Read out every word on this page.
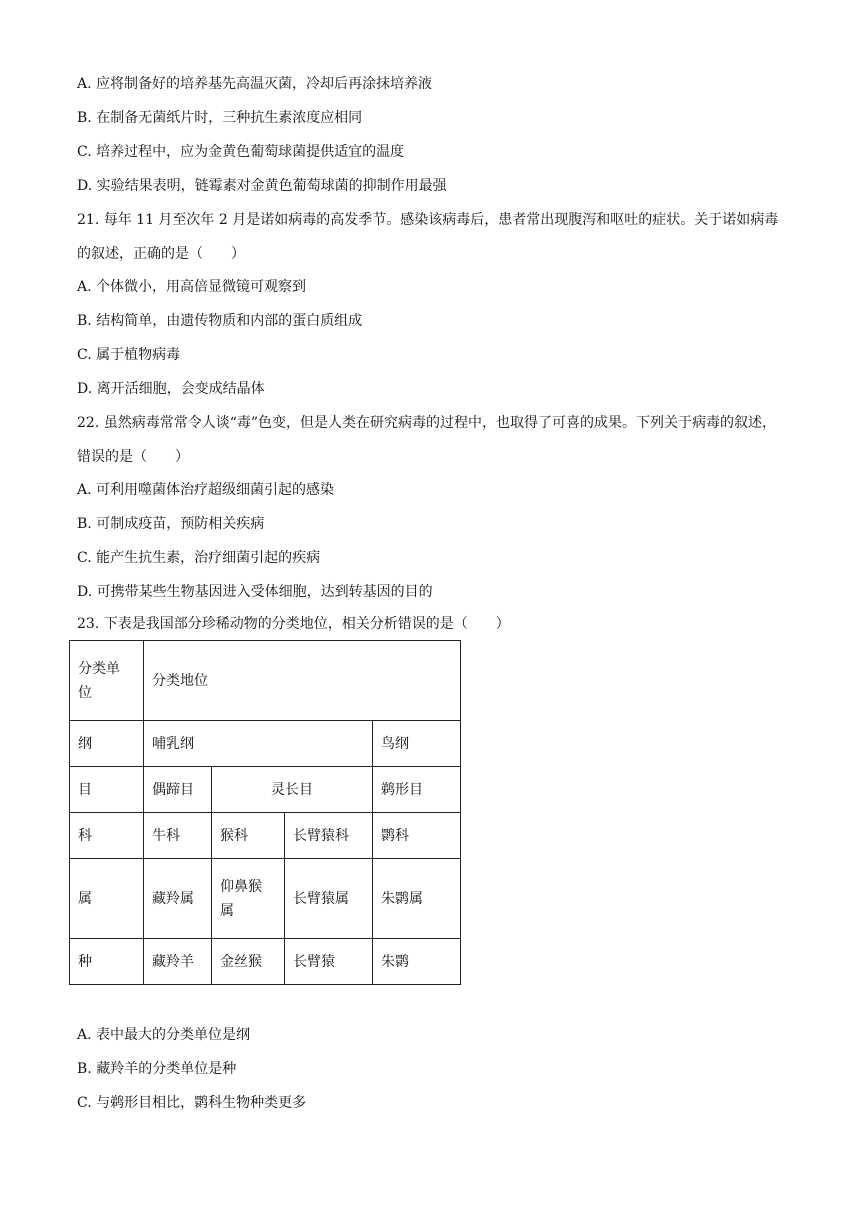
A. 应将制备好的培养基先高温灭菌，冷却后再涂抹培养液
B. 在制备无菌纸片时，三种抗生素浓度应相同
C. 培养过程中，应为金黄色葡萄球菌提供适宜的温度
D. 实验结果表明，链霉素对金黄色葡萄球菌的抑制作用最强
21. 每年 11 月至次年 2 月是诺如病毒的高发季节。感染该病毒后，患者常出现腹泻和呕吐的症状。关于诺如病毒的叙述，正确的是（　　）
A. 个体微小，用高倍显微镜可观察到
B. 结构简单，由遗传物质和内部的蛋白质组成
C. 属于植物病毒
D. 离开活细胞，会变成结晶体
22. 虽然病毒常常令人谈“毒”色变，但是人类在研究病毒的过程中，也取得了可喜的成果。下列关于病毒的叙述，错误的是（　　）
A. 可利用噬菌体治疗超级细菌引起的感染
B. 可制成疫苗，预防相关疾病
C. 能产生抗生素，治疗细菌引起的疾病
D. 可携带某些生物基因进入受体细胞，达到转基因的目的
23. 下表是我国部分珍稀动物的分类地位，相关分析错误的是（　　）
分类单位	分类地位			
纲	哺乳纲			鸟纲
目	偶蹄目	灵长目		鹈形目
科	牛科	猴科	长臂猿科	鹮科
属	藏羚属	仰鼻猴属	长臂猿属	朱鹮属
种	藏羚羊	金丝猴	长臂猿	朱鹮
A. 表中最大的分类单位是纲
B. 藏羚羊的分类单位是种
C. 与鹈形目相比，鹮科生物种类更多
